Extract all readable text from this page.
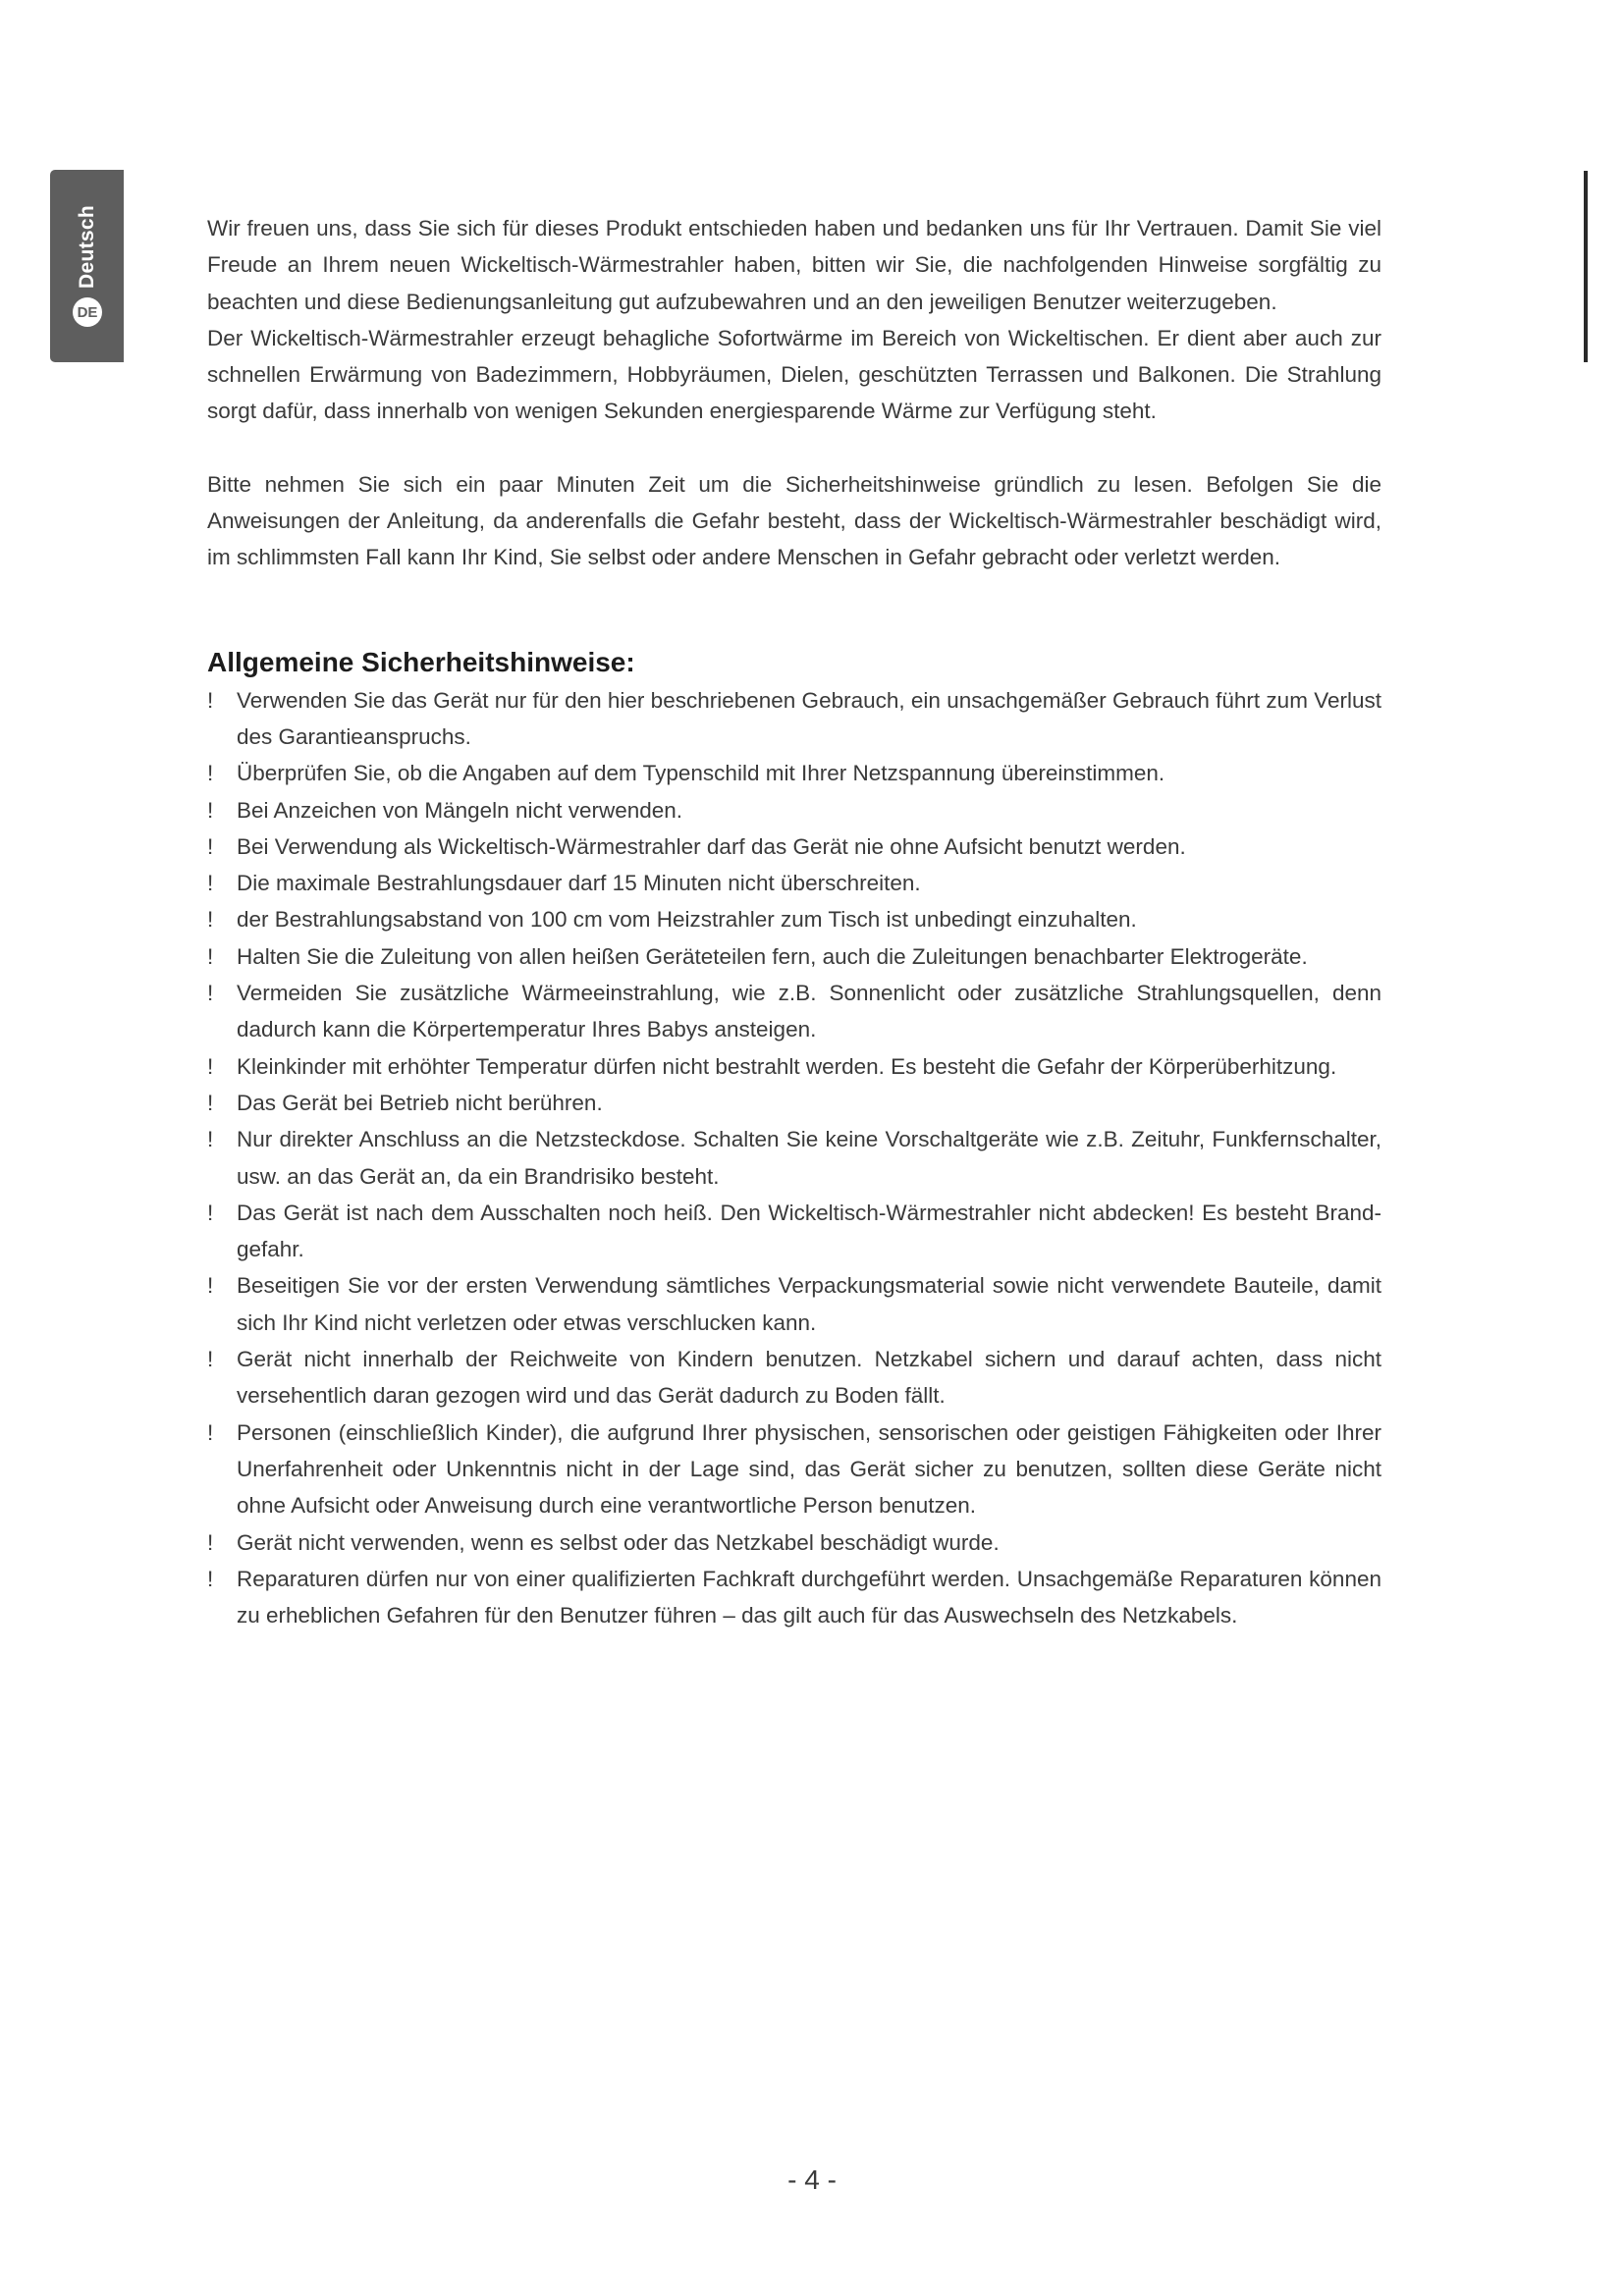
DE
Deutsch	Wir freuen uns, dass Sie sich für dieses Produkt entschieden haben und bedanken uns für Ihr Vertrauen. Damit Sie viel Freude an Ihrem neuen Wickeltisch-Wärmestrahler haben, bitten wir Sie, die nachfolgenden Hinweise sorgfältig zu beachten und diese Bedienungsanleitung gut aufzubewahren und an den jeweiligen Benutzer weiterzugeben.

Der Wickeltisch-Wärmestrahler erzeugt behagliche Sofortwärme im Bereich von Wickeltischen. Er dient aber auch zur schnellen Erwärmung von Badezimmern, Hobbyräumen, Dielen, geschützten Terrassen und Balkonen. Die Strahlung sorgt dafür, dass innerhalb von wenigen Sekunden energiesparende Wärme zur Verfügung steht.

Bitte nehmen Sie sich ein paar Minuten Zeit um die Sicherheitshinweise gründlich zu lesen. Befolgen Sie die Anweisungen der Anleitung, da anderenfalls die Gefahr besteht, dass der Wickeltisch-Wärmestrahler beschädigt wird, im schlimmsten Fall kann Ihr Kind, Sie selbst oder andere Menschen in Gefahr gebracht oder verletzt werden.

Allgemeine Sicherheitshinweise:
! Verwenden Sie das Gerät nur für den hier beschriebenen Gebrauch, ein unsachgemäßer Gebrauch führt zum Verlust des Garantieanspruchs.
! Überprüfen Sie, ob die Angaben auf dem Typenschild mit Ihrer Netzspannung übereinstimmen.
! Bei Anzeichen von Mängeln nicht verwenden.
! Bei Verwendung als Wickeltisch-Wärmestrahler darf das Gerät nie ohne Aufsicht benutzt werden.
! Die maximale Bestrahlungsdauer darf 15 Minuten nicht überschreiten.
! der Bestrahlungsabstand von 100 cm vom Heizstrahler zum Tisch ist unbedingt einzuhalten.
! Halten Sie die Zuleitung von allen heißen Geräteteilen fern, auch die Zuleitungen benachbarter Elektrogeräte.
! Vermeiden Sie zusätzliche Wärmeeinstrahlung, wie z.B. Sonnenlicht oder zusätzliche Strahlungsquellen, denn dadurch kann die Körpertemperatur Ihres Babys ansteigen.
! Kleinkinder mit erhöhter Temperatur dürfen nicht bestrahlt werden. Es besteht die Gefahr der Körperüberhitzung.
! Das Gerät bei Betrieb nicht berühren.
! Nur direkter Anschluss an die Netzsteckdose. Schalten Sie keine Vorschaltgeräte wie z.B. Zeituhr, Funkfernschalter, usw. an das Gerät an, da ein Brandrisiko besteht.
! Das Gerät ist nach dem Ausschalten noch heiß. Den Wickeltisch-Wärmestrahler nicht abdecken! Es besteht Brand-gefahr.
! Beseitigen Sie vor der ersten Verwendung sämtliches Verpackungsmaterial sowie nicht verwendete Bauteile, damit sich Ihr Kind nicht verletzen oder etwas verschlucken kann.
! Gerät nicht innerhalb der Reichweite von Kindern benutzen. Netzkabel sichern und darauf achten, dass nicht versehentlich daran gezogen wird und das Gerät dadurch zu Boden fällt.
! Personen (einschließlich Kinder), die aufgrund Ihrer physischen, sensorischen oder geistigen Fähigkeiten oder Ihrer Unerfahrenheit oder Unkenntnis nicht in der Lage sind, das Gerät sicher zu benutzen, sollten diese Geräte nicht ohne Aufsicht oder Anweisung durch eine verantwortliche Person benutzen.
! Gerät nicht verwenden, wenn es selbst oder das Netzkabel beschädigt wurde.
! Reparaturen dürfen nur von einer qualifizierten Fachkraft durchgeführt werden. Unsachgemäße Reparaturen können zu erheblichen Gefahren für den Benutzer führen – das gilt auch für das Auswechseln des Netzkabels.
- 4 -
